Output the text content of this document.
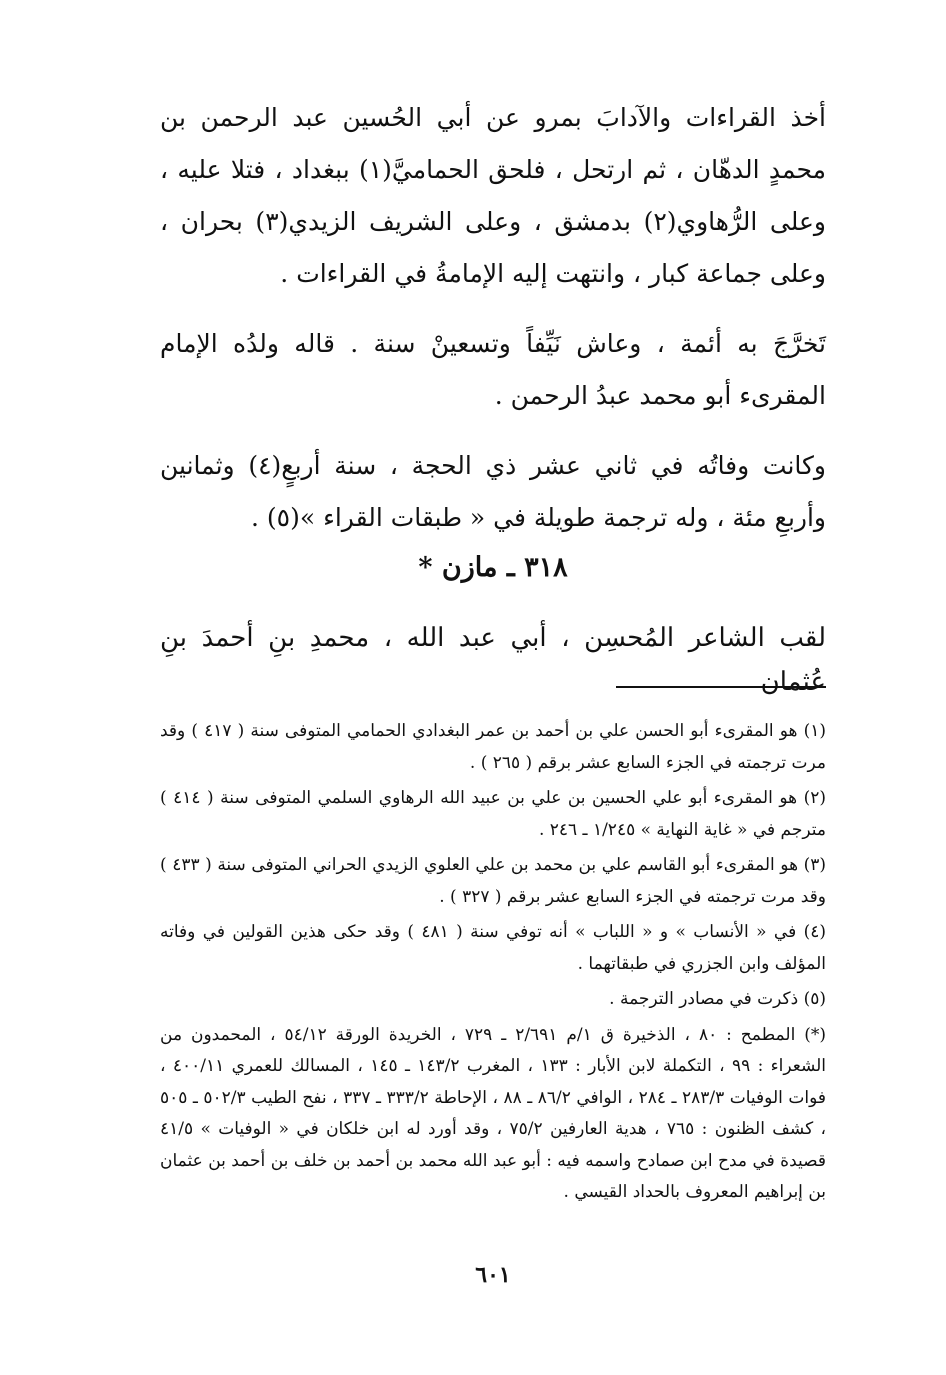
أخذ القراءات والآدابَ بمرو عن أبي الحُسين عبد الرحمن بن محمدٍ الدهّان ، ثم ارتحل ، فلحق الحماميَّ(١) ببغداد ، فتلا عليه ، وعلى الرُّهاوي(٢) بدمشق ، وعلى الشريف الزيدي(٣) بحران ، وعلى جماعة كبار ، وانتهت إليه الإمامةُ في القراءات .

تَخرَّجَ به أئمة ، وعاش نَيِّفاً وتسعينْ سنة . قاله ولدُه الإمام المقرىء أبو محمد عبدُ الرحمن .

وكانت وفاتُه في ثاني عشر ذي الحجة ، سنة أربعٍ(٤) وثمانين وأربعِ مئة ، وله ترجمة طويلة في « طبقات القراء »(٥) .

٣١٨ ـ مازن *
لقب الشاعر المُحسِن ، أبي عبد الله ، محمدِ بنِ أحمدَ بنِ عُثمان

(١) هو المقرىء أبو الحسن علي بن أحمد بن عمر البغدادي الحمامي المتوفى سنة ( ٤١٧ ) وقد مرت ترجمته في الجزء السابع عشر برقم ( ٢٦٥ ) .

(٢) هو المقرىء أبو علي الحسين بن علي بن عبيد الله الرهاوي السلمي المتوفى سنة ( ٤١٤ ) مترجم في « غاية النهاية » ١/٢٤٥ ـ ٢٤٦ .

(٣) هو المقرىء أبو القاسم علي بن محمد بن علي العلوي الزيدي الحراني المتوفى سنة ( ٤٣٣ ) وقد مرت ترجمته في الجزء السابع عشر برقم ( ٣٢٧ ) .

(٤) في « الأنساب » و « اللباب » أنه توفي سنة ( ٤٨١ ) وقد حكى هذين القولين في وفاته المؤلف وابن الجزري في طبقاتهما .

(٥) ذكرت في مصادر الترجمة .

(*) المطمح : ٨٠ ، الذخيرة ق ١/م ٢/٦٩١ ـ ٧٢٩ ، الخريدة الورقة ٥٤/١٢ ، المحمدون من الشعراء : ٩٩ ، التكملة لابن الأبار : ١٣٣ ، المغرب ١٤٣/٢ ـ ١٤٥ ، المسالك للعمري ٤٠٠/١١ ، فوات الوفيات ٢٨٣/٣ ـ ٢٨٤ ، الوافي ٨٦/٢ ـ ٨٨ ، الإحاطة ٣٣٣/٢ ـ ٣٣٧ ، نفح الطيب ٥٠٢/٣ ـ ٥٠٥ ، كشف الظنون : ٧٦٥ ، هدية العارفين ٧٥/٢ ، وقد أورد له ابن خلكان في « الوفيات » ٤١/٥ قصيدة في مدح ابن صمادح واسمه فيه : أبو عبد الله محمد بن أحمد بن خلف بن أحمد بن عثمان بن إبراهيم المعروف بالحداد القيسي .

٦٠١
